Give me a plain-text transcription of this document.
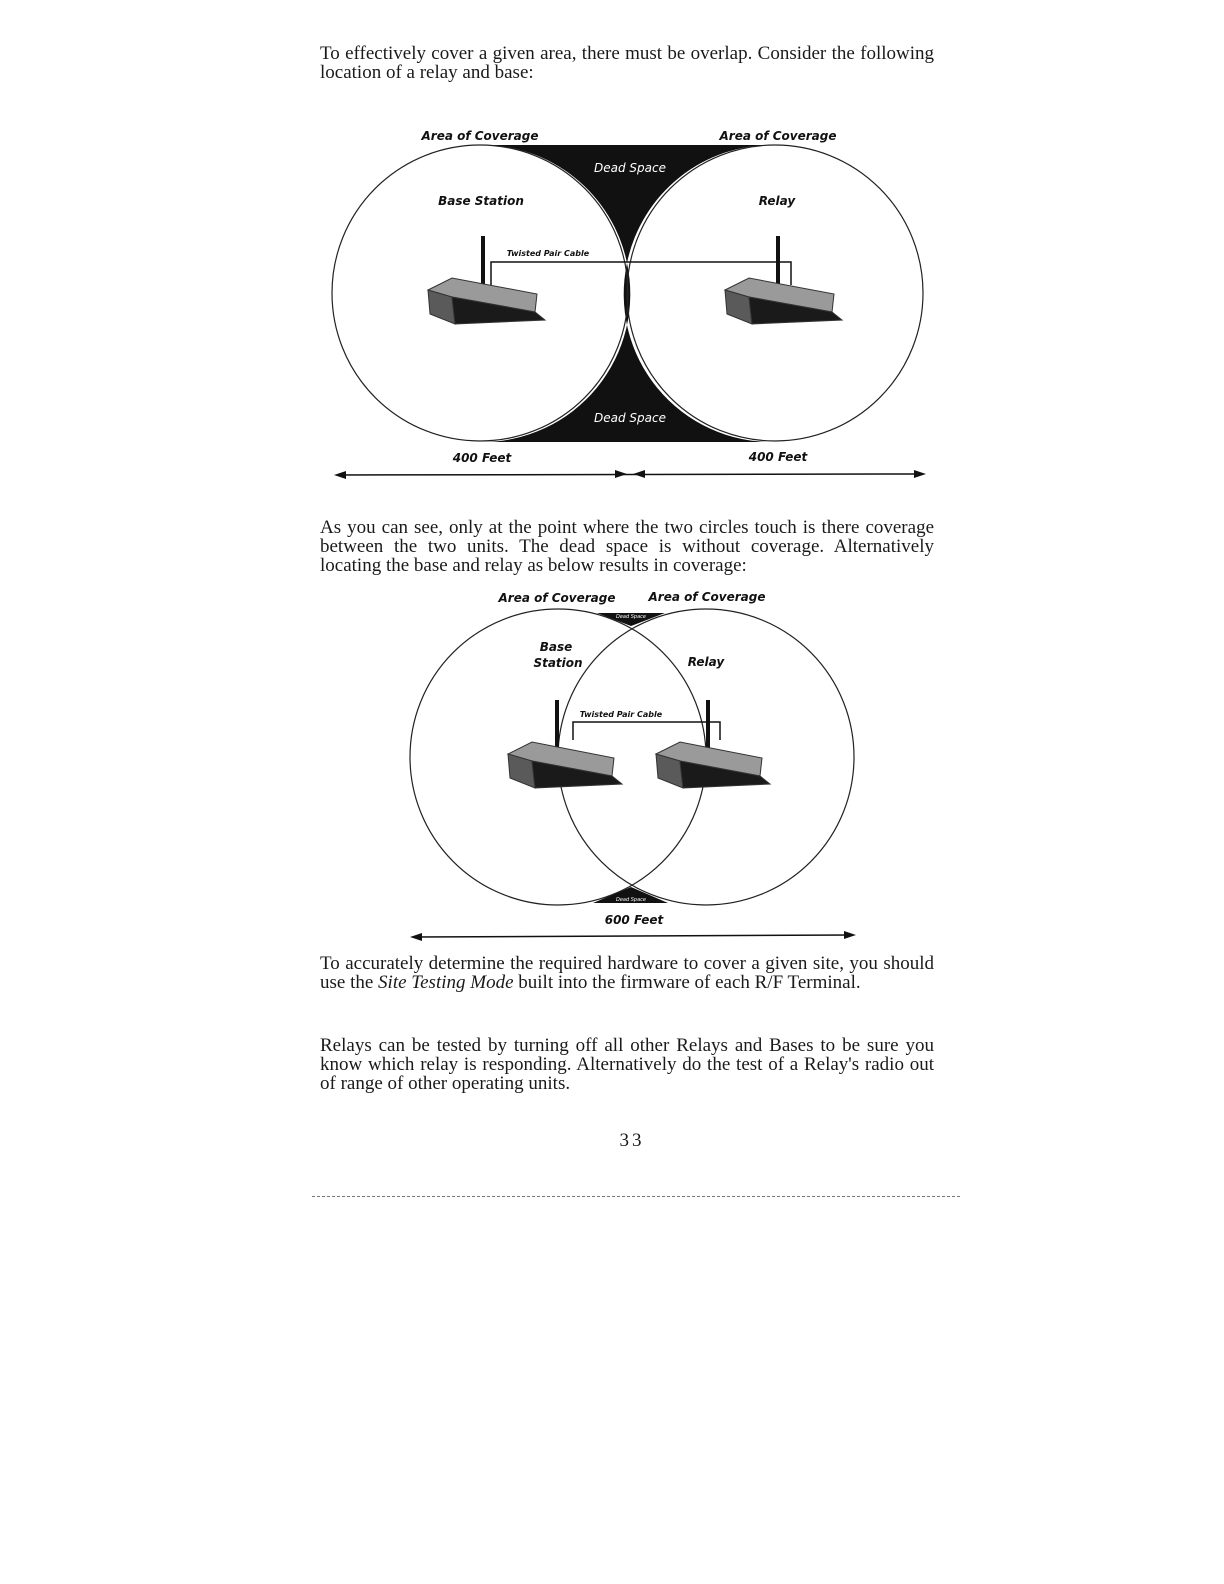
To effectively cover a given area, there must be overlap. Consider the following location of a relay and base:

Area of Coverage	Area of Coverage
Dead Space
Dead Space
Base Station	Relay
Twisted Pair Cable
400 Feet	400 Feet

As you can see, only at the point where the two circles touch is there coverage between the two units. The dead space is without coverage. Alternatively locating the base and relay as below results in coverage:

Area of Coverage	Area of Coverage
Dead Space
Dead Space
Base
Station	Relay
Twisted Pair Cable
600 Feet

To accurately determine the required hardware to cover a given site, you should use the Site Testing Mode built into the firmware of each R/F Terminal.

Relays can be tested by turning off all other Relays and Bases to be sure you know which relay is responding. Alternatively do the test of a Relay's radio out of range of other operating units.

33
